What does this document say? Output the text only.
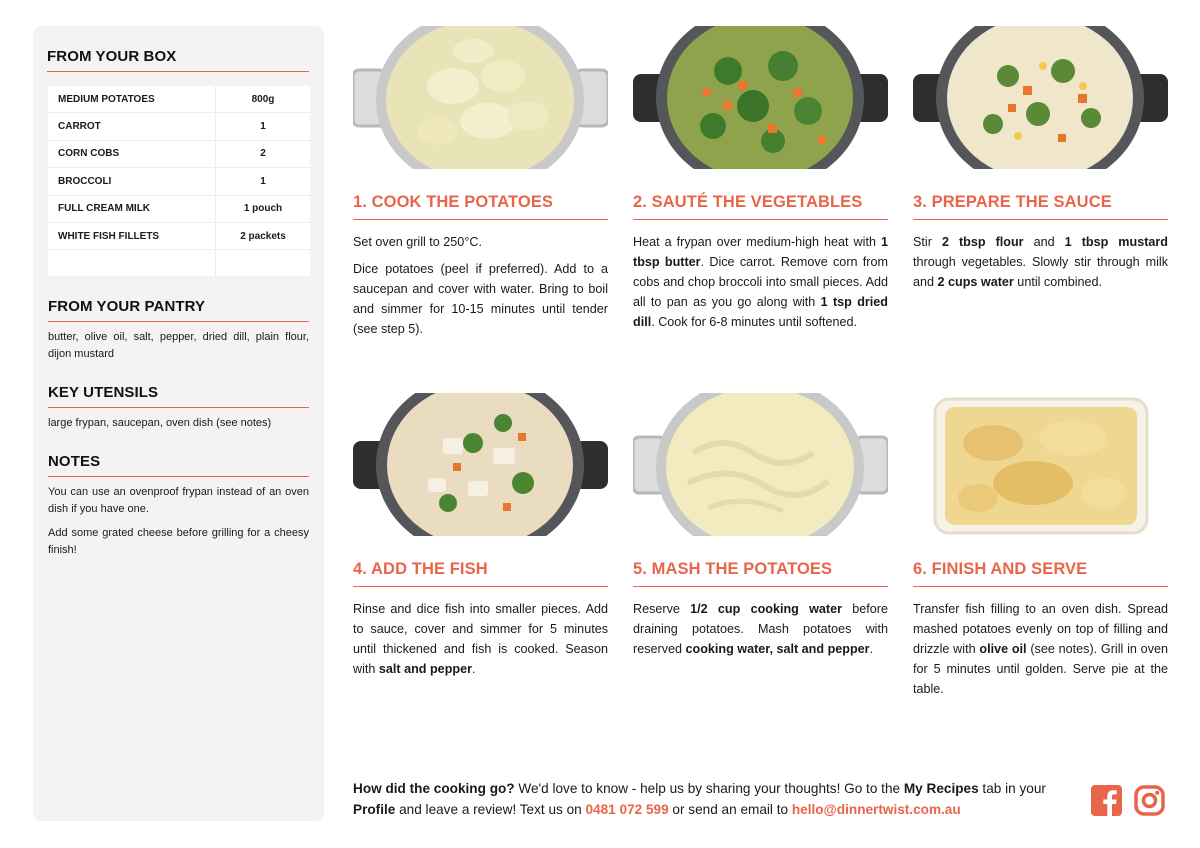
FROM YOUR BOX
MEDIUM POTATOES	800g
CARROT	1
CORN COBS	2
BROCCOLI	1
FULL CREAM MILK	1 pouch
WHITE FISH FILLETS	2 packets

FROM YOUR PANTRY

butter, olive oil, salt, pepper, dried dill, plain flour, dijon mustard

KEY UTENSILS

large frypan, saucepan, oven dish (see notes)

NOTES

You can use an ovenproof frypan instead of an oven dish if you have one.

Add some grated cheese before grilling for a cheesy finish!

1. COOK THE POTATOES

Set oven grill to 250°C.

Dice potatoes (peel if preferred). Add to a saucepan and cover with water. Bring to boil and simmer for 10-15 minutes until tender (see step 5).

2. SAUTÉ THE VEGETABLES

Heat a frypan over medium-high heat with 1 tbsp butter. Dice carrot. Remove corn from cobs and chop broccoli into small pieces. Add all to pan as you go along with 1 tsp dried dill. Cook for 6-8 minutes until softened.

3. PREPARE THE SAUCE

Stir 2 tbsp flour and 1 tbsp mustard through vegetables. Slowly stir through milk and 2 cups water until combined.

4. ADD THE FISH

Rinse and dice fish into smaller pieces. Add to sauce, cover and simmer for 5 minutes until thickened and fish is cooked. Season with salt and pepper.

5. MASH THE POTATOES

Reserve 1/2 cup cooking water before draining potatoes. Mash potatoes with reserved cooking water, salt and pepper.

6. FINISH AND SERVE

Transfer fish filling to an oven dish. Spread mashed potatoes evenly on top of filling and drizzle with olive oil (see notes). Grill in oven for 5 minutes until golden. Serve pie at the table.

How did the cooking go? We'd love to know - help us by sharing your thoughts! Go to the My Recipes tab in your Profile and leave a review! Text us on 0481 072 599 or send an email to hello@dinnertwist.com.au
